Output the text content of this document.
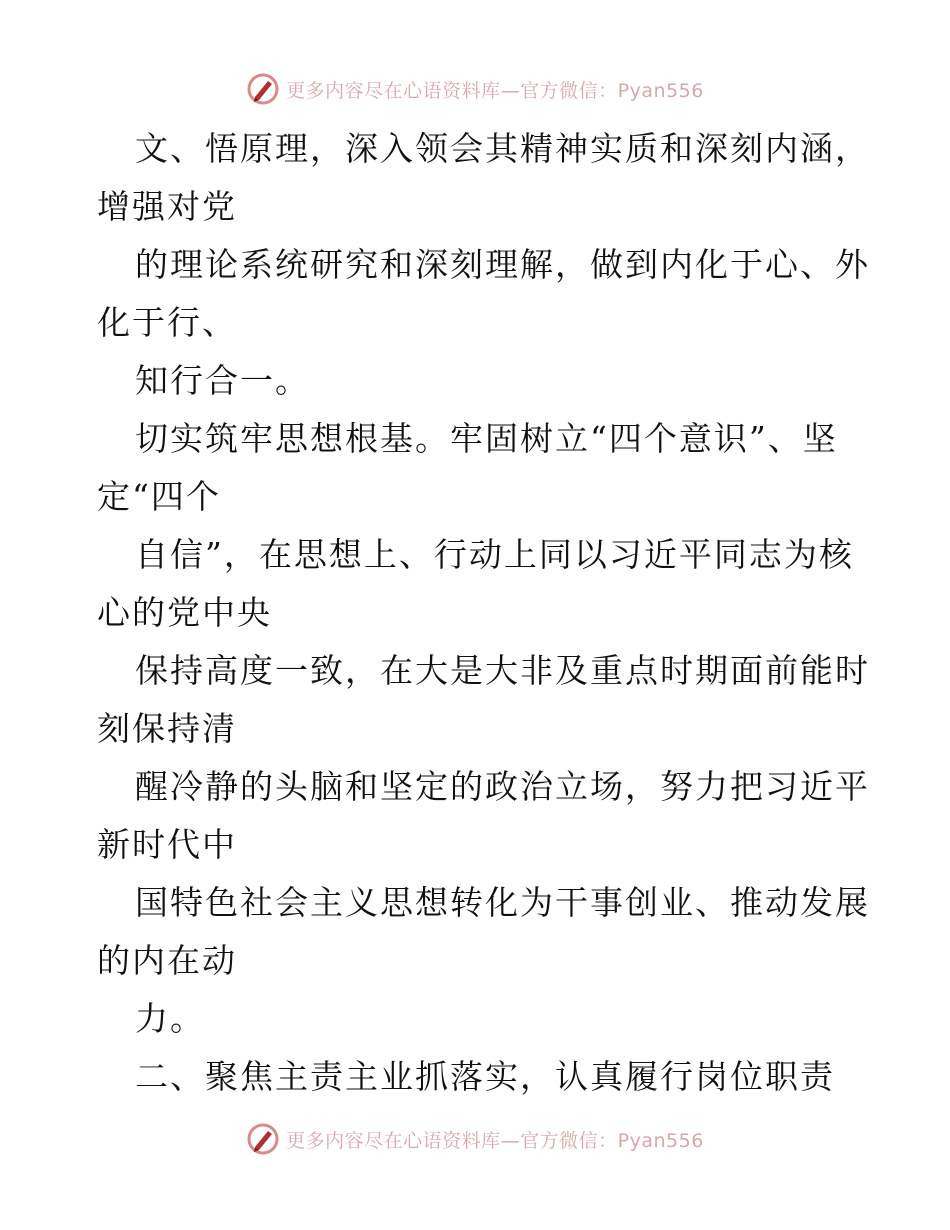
更多内容尽在心语资料库—官方微信：Pyan556
文、悟原理，深入领会其精神实质和深刻内涵，
增强对党
的理论系统研究和深刻理解，做到内化于心、外
化于行、
知行合一。
切实筑牢思想根基。牢固树立“四个意识”、坚
定“四个
自信”，在思想上、行动上同以习近平同志为核
心的党中央
保持高度一致，在大是大非及重点时期面前能时
刻保持清
醒冷静的头脑和坚定的政治立场，努力把习近平
新时代中
国特色社会主义思想转化为干事创业、推动发展
的内在动
力。
二、聚焦主责主业抓落实，认真履行岗位职责
更多内容尽在心语资料库—官方微信：Pyan556
